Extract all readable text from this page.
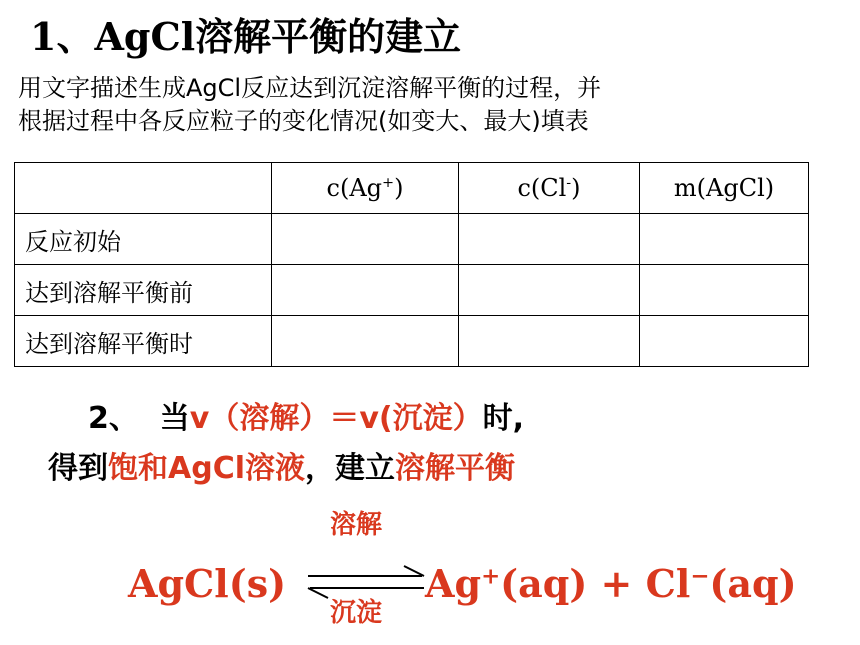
1、AgCl溶解平衡的建立
用文字描述生成AgCl反应达到沉淀溶解平衡的过程，并
根据过程中各反应粒子的变化情况(如变大、最大)填表
	c(Ag+)	c(Cl-)	m(AgCl)
反应初始			
达到溶解平衡前			
达到溶解平衡时			
2、 当v（溶解）＝v(沉淀）时,
得到饱和AgCl溶液，建立溶解平衡
溶解
AgCl(s)	Ag+(aq) + Cl−(aq)
沉淀
